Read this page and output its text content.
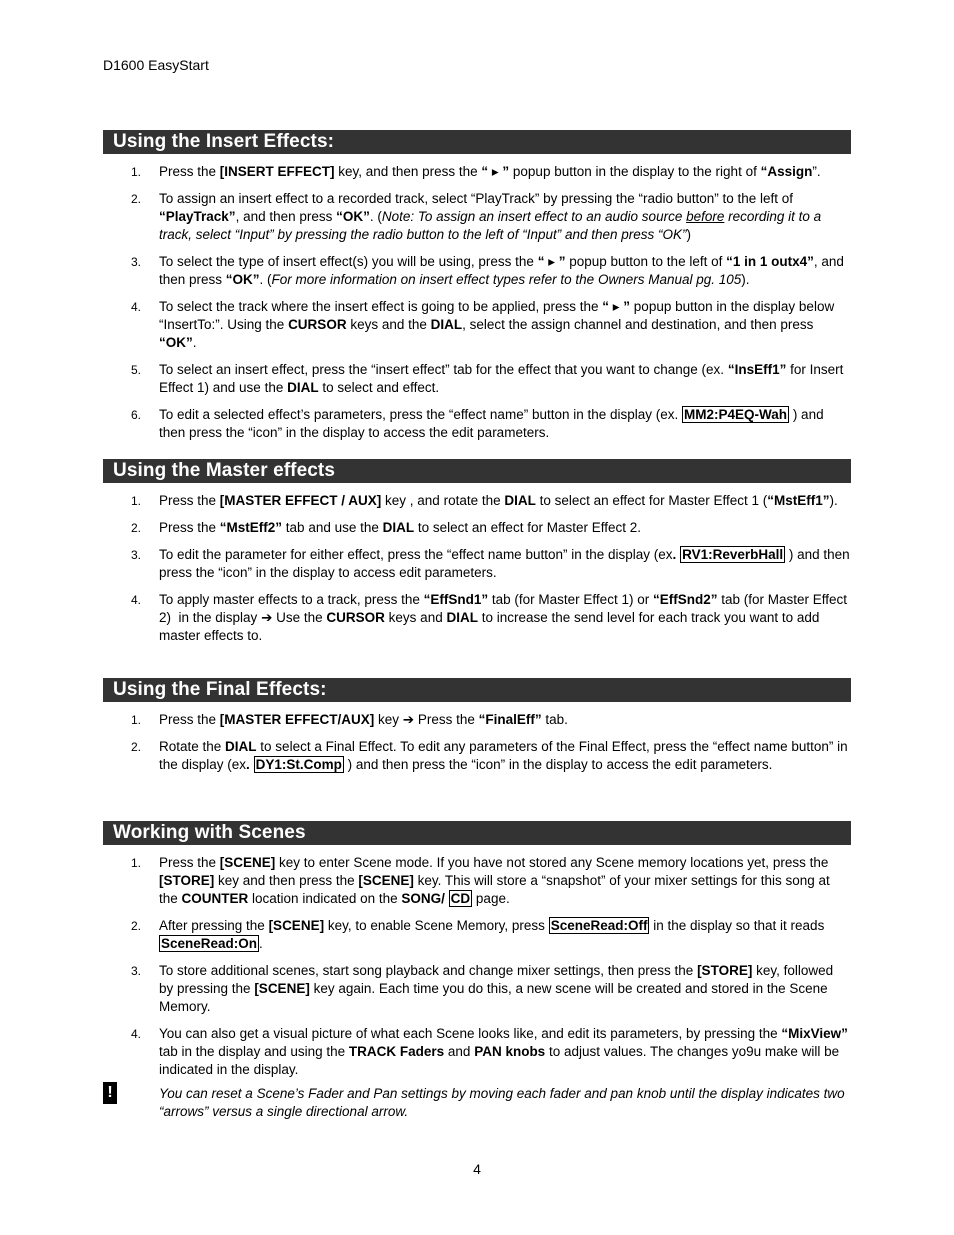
D1600 EasyStart
Using the Insert Effects:
1. Press the [INSERT EFFECT] key, and then press the “ ▸ ” popup button in the display to the right of “Assign”.
2. To assign an insert effect to a recorded track, select “PlayTrack” by pressing the “radio button” to the left of “PlayTrack”, and then press “OK”. (Note: To assign an insert effect to an audio source before recording it to a track, select “Input” by pressing the radio button to the left of “Input” and then press “OK”)
3. To select the type of insert effect(s) you will be using, press the “ ▸ ” popup button to the left of “1 in 1 outx4”, and then press “OK”. (For more information on insert effect types refer to the Owners Manual pg. 105).
4. To select the track where the insert effect is going to be applied, press the “ ▸ ” popup button in the display below “InsertTo:”. Using the CURSOR keys and the DIAL, select the assign channel and destination, and then press “OK”.
5. To select an insert effect, press the “insert effect” tab for the effect that you want to change (ex. “InsEff1” for Insert Effect 1) and use the DIAL to select and effect.
6. To edit a selected effect’s parameters, press the “effect name” button in the display (ex. MM2:P4EQ-Wah ) and then press the “icon” in the display to access the edit parameters.
Using the Master effects
1. Press the [MASTER EFFECT / AUX] key , and rotate the DIAL to select an effect for Master Effect 1 (“MstEff1”).
2. Press the “MstEff2” tab and use the DIAL to select an effect for Master Effect 2.
3. To edit the parameter for either effect, press the “effect name button” in the display (ex. RV1:ReverbHall ) and then press the “icon” in the display to access edit parameters.
4. To apply master effects to a track, press the “EffSnd1” tab (for Master Effect 1) or “EffSnd2” tab (for Master Effect 2)  in the display ➔ Use the CURSOR keys and DIAL to increase the send level for each track you want to add master effects to.
Using the Final Effects:
1. Press the [MASTER EFFECT/AUX] key ➔ Press the “FinalEff” tab.
2. Rotate the DIAL to select a Final Effect. To edit any parameters of the Final Effect, press the “effect name button” in the display (ex. DY1:St.Comp ) and then press the “icon” in the display to access the edit parameters.
Working with Scenes
1. Press the [SCENE] key to enter Scene mode. If you have not stored any Scene memory locations yet, press the [STORE] key and then press the [SCENE] key. This will store a “snapshot” of your mixer settings for this song at the COUNTER location indicated on the SONG/ CD page.
2. After pressing the [SCENE] key, to enable Scene Memory, press SceneRead:Off in the display so that it reads SceneRead:On .
3. To store additional scenes, start song playback and change mixer settings, then press the [STORE] key, followed by pressing the [SCENE] key again. Each time you do this, a new scene will be created and stored in the Scene Memory.
4. You can also get a visual picture of what each Scene looks like, and edit its parameters, by pressing the “MixView” tab in the display and using the TRACK Faders and PAN knobs to adjust values. The changes yo9u make will be indicated in the display.
!	You can reset a Scene’s Fader and Pan settings by moving each fader and pan knob until the display indicates two “arrows” versus a single directional arrow.
4
